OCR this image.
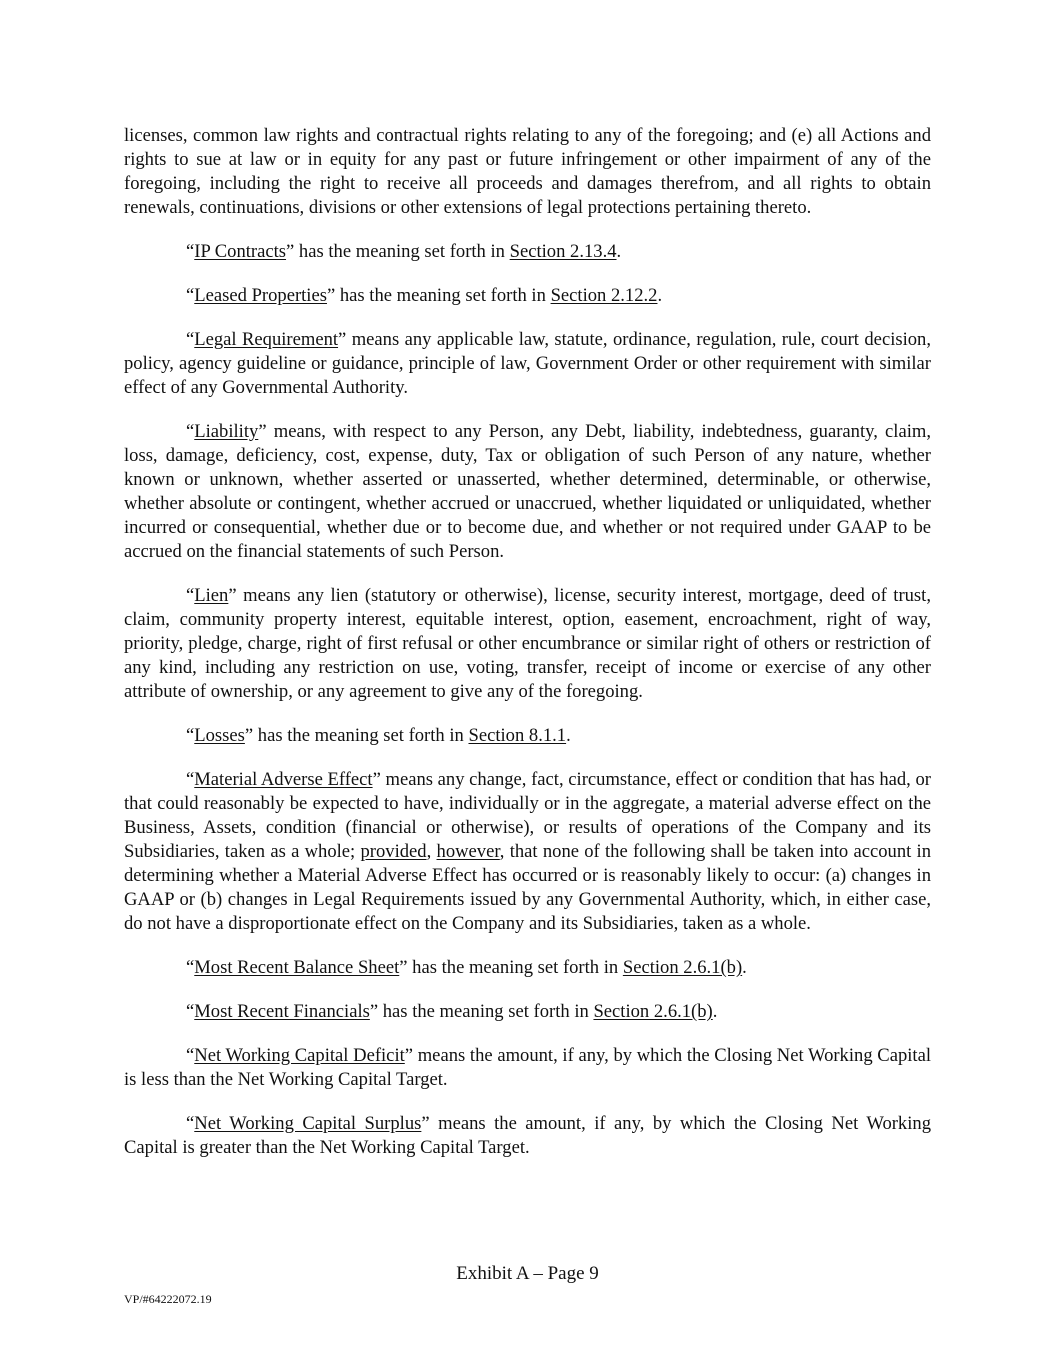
licenses, common law rights and contractual rights relating to any of the foregoing; and (e) all Actions and rights to sue at law or in equity for any past or future infringement or other impairment of any of the foregoing, including the right to receive all proceeds and damages therefrom, and all rights to obtain renewals, continuations, divisions or other extensions of legal protections pertaining thereto.

“IP Contracts” has the meaning set forth in Section 2.13.4.

“Leased Properties” has the meaning set forth in Section 2.12.2.

“Legal Requirement” means any applicable law, statute, ordinance, regulation, rule, court decision, policy, agency guideline or guidance, principle of law, Government Order or other requirement with similar effect of any Governmental Authority.

“Liability” means, with respect to any Person, any Debt, liability, indebtedness, guaranty, claim, loss, damage, deficiency, cost, expense, duty, Tax or obligation of such Person of any nature, whether known or unknown, whether asserted or unasserted, whether determined, determinable, or otherwise, whether absolute or contingent, whether accrued or unaccrued, whether liquidated or unliquidated, whether incurred or consequential, whether due or to become due, and whether or not required under GAAP to be accrued on the financial statements of such Person.

“Lien” means any lien (statutory or otherwise), license, security interest, mortgage, deed of trust, claim, community property interest, equitable interest, option, easement, encroachment, right of way, priority, pledge, charge, right of first refusal or other encumbrance or similar right of others or restriction of any kind, including any restriction on use, voting, transfer, receipt of income or exercise of any other attribute of ownership, or any agreement to give any of the foregoing.

“Losses” has the meaning set forth in Section 8.1.1.

“Material Adverse Effect” means any change, fact, circumstance, effect or condition that has had, or that could reasonably be expected to have, individually or in the aggregate, a material adverse effect on the Business, Assets, condition (financial or otherwise), or results of operations of the Company and its Subsidiaries, taken as a whole; provided, however, that none of the following shall be taken into account in determining whether a Material Adverse Effect has occurred or is reasonably likely to occur: (a) changes in GAAP or (b) changes in Legal Requirements issued by any Governmental Authority, which, in either case, do not have a disproportionate effect on the Company and its Subsidiaries, taken as a whole.

“Most Recent Balance Sheet” has the meaning set forth in Section 2.6.1(b).

“Most Recent Financials” has the meaning set forth in Section 2.6.1(b).

“Net Working Capital Deficit” means the amount, if any, by which the Closing Net Working Capital is less than the Net Working Capital Target.

“Net Working Capital Surplus” means the amount, if any, by which the Closing Net Working Capital is greater than the Net Working Capital Target.

Exhibit A – Page 9
VP/#64222072.19
